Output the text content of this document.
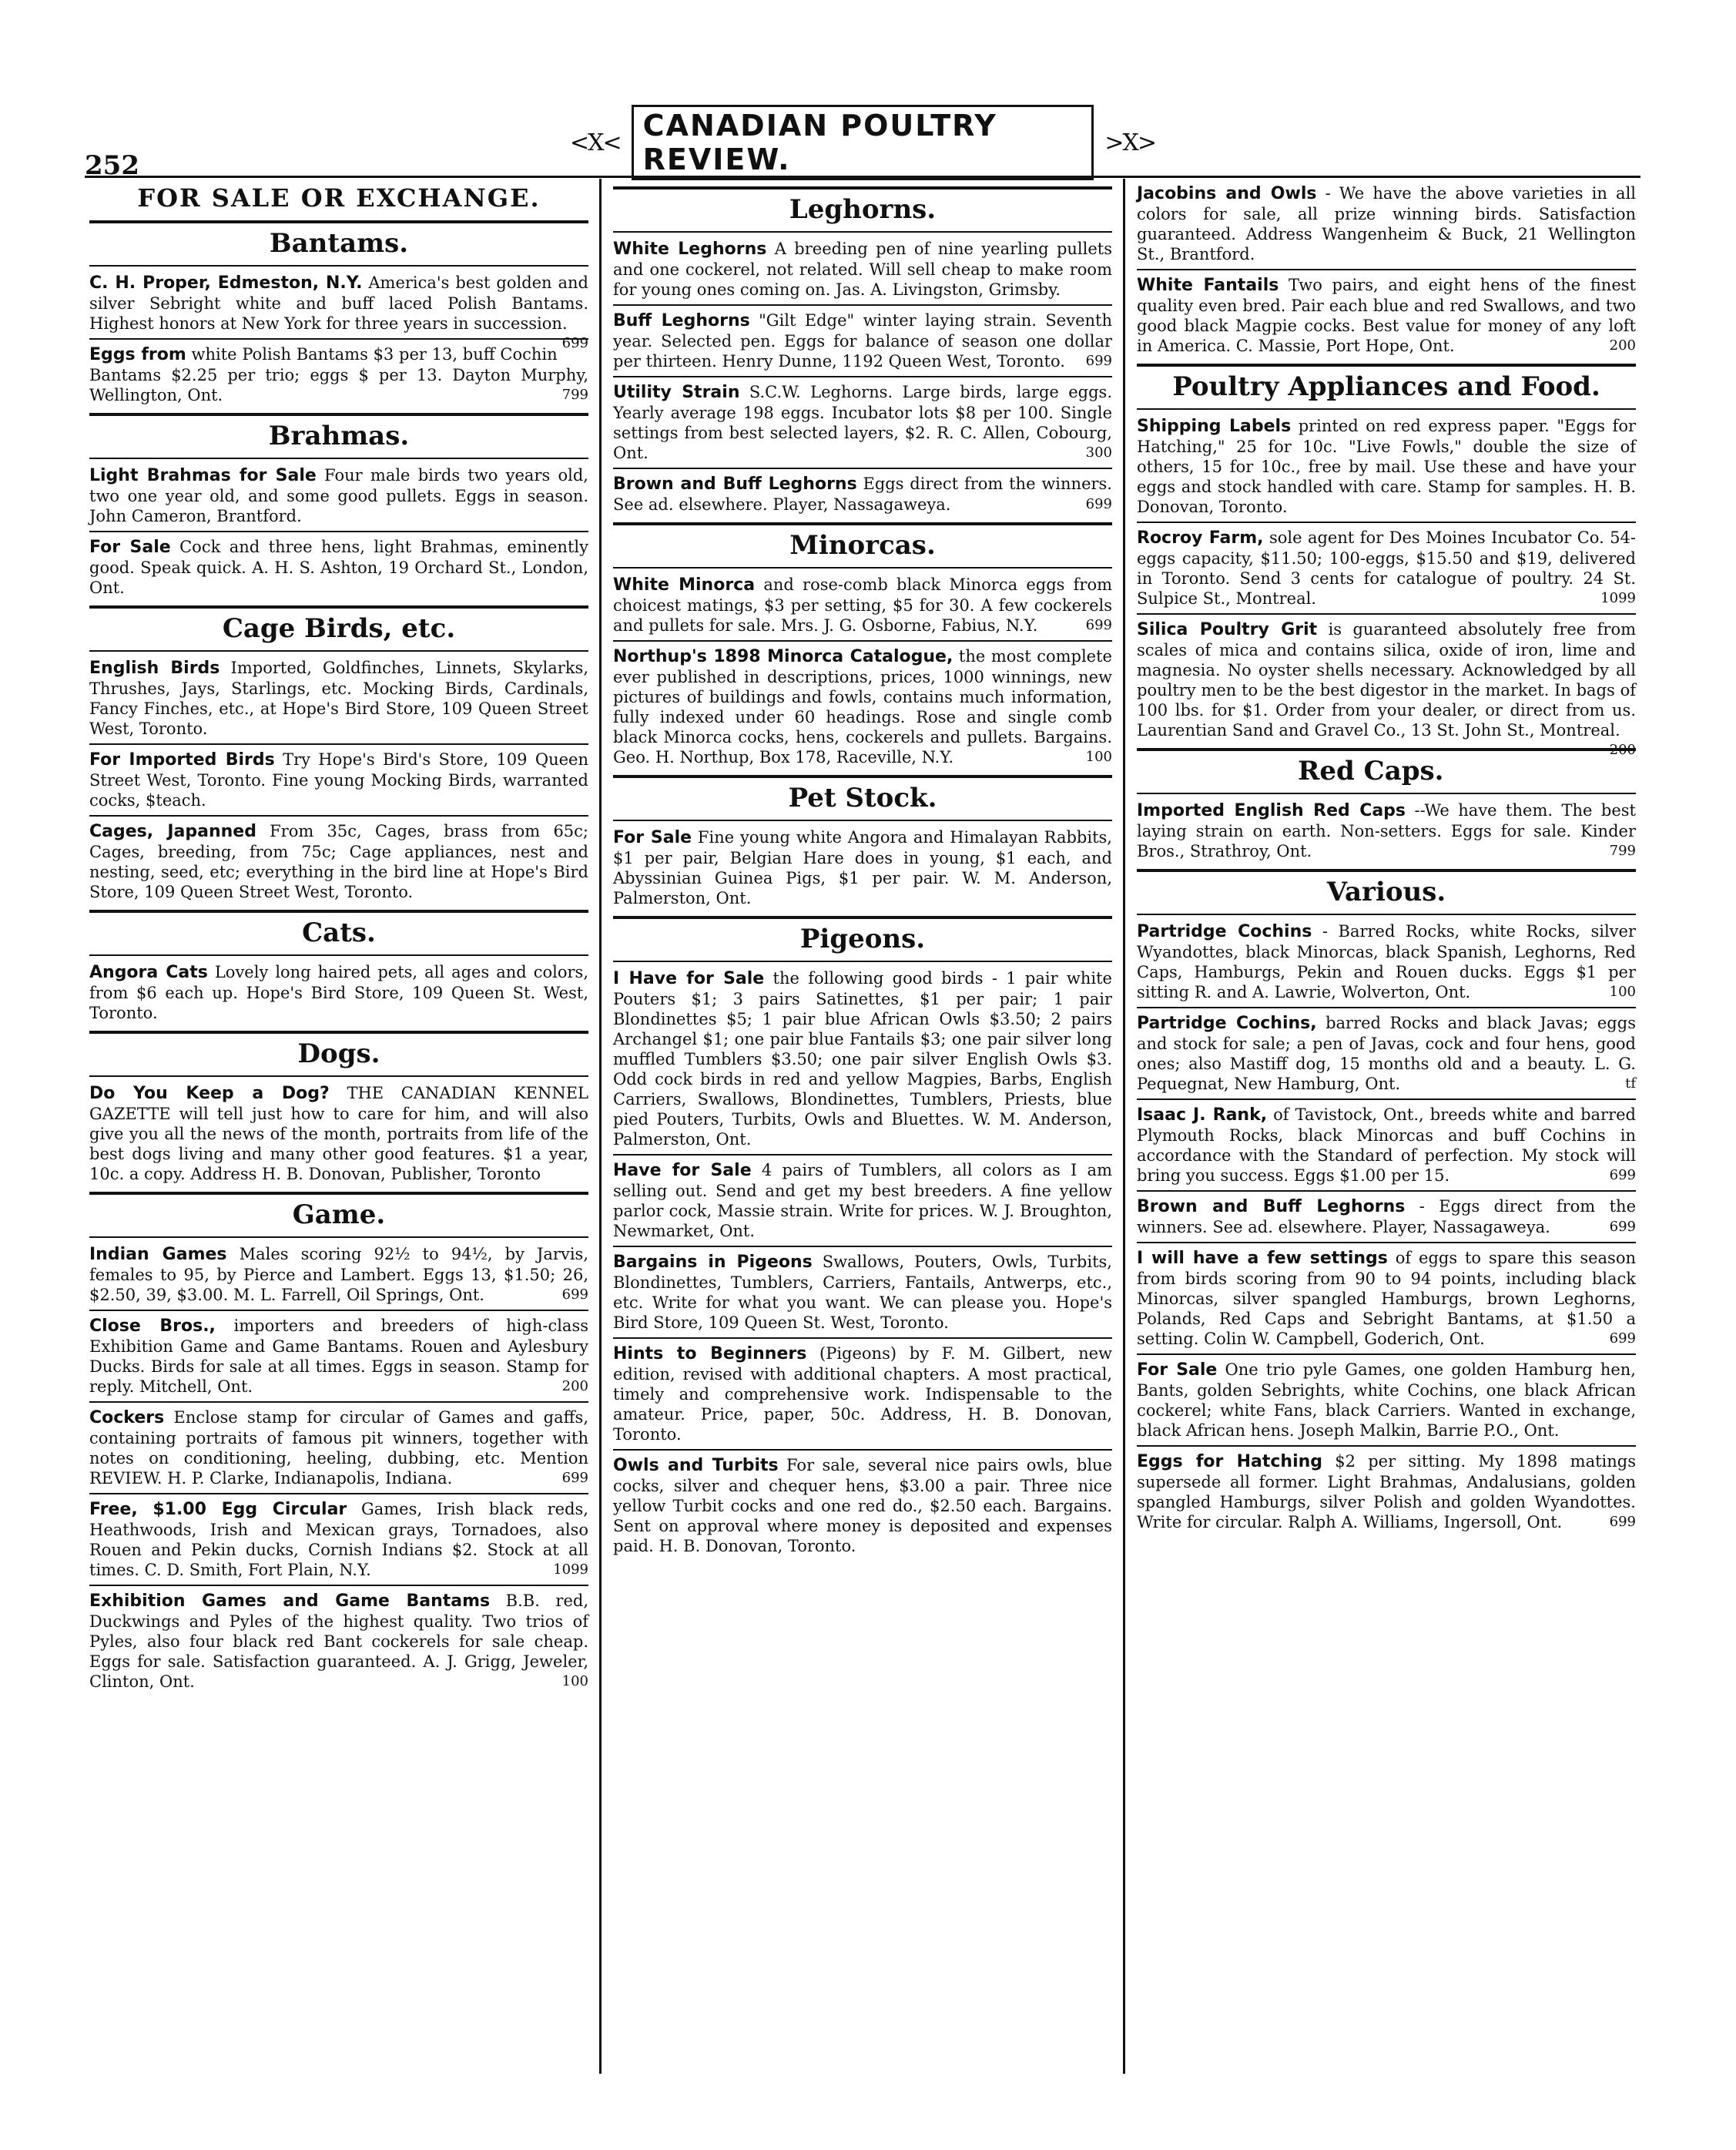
252
<X< CANADIAN POULTRY REVIEW.	>X>
FOR SALE OR EXCHANGE.
Bantams.
C. H. Proper, Edmeston, N.Y. America's best golden and silver Sebright white and buff laced Polish Bantams. Highest honors at New York for three years in succession.
699
Eggs from white Polish Bantams $3 per 13, buff Cochin Bantams $2.25 per trio; eggs $ per 13. Dayton Murphy, Wellington, Ont.	799
Brahmas.
Light Brahmas for Sale Four male birds two years old, two one year old, and some good pullets. Eggs in season. John Cameron, Brantford.
For Sale Cock and three hens, light Brahmas, eminently good. Speak quick. A. H. S. Ashton, 19 Orchard St., London, Ont.
Cage Birds, etc.
English Birds Imported, Goldfinches, Linnets, Skylarks, Thrushes, Jays, Starlings, etc. Mocking Birds, Cardinals, Fancy Finches, etc., at Hope's Bird Store, 109 Queen Street West, Toronto.
For Imported Birds Try Hope's Bird's Store, 109 Queen Street West, Toronto. Fine young Mocking Birds, warranted cocks, $teach.
Cages, Japanned From 35c, Cages, brass from 65c; Cages, breeding, from 75c; Cage appliances, nest and nesting, seed, etc; everything in the bird line at Hope's Bird Store, 109 Queen Street West, Toronto.
Cats.
Angora Cats Lovely long haired pets, all ages and colors, from $6 each up. Hope's Bird Store, 109 Queen St. West, Toronto.
Dogs.
Do You Keep a Dog? THE CANADIAN KENNEL GAZETTE will tell just how to care for him, and will also give you all the news of the month, portraits from life of the best dogs living and many other good features. $1 a year, 10c. a copy. Address H. B. Donovan, Publisher, Toronto
Game.
Indian Games Males scoring 92½ to 94½, by Jarvis, females to 95, by Pierce and Lambert. Eggs 13, $1.50; 26, $2.50, 39, $3.00. M. L. Farrell, Oil Springs, Ont.	699
Close Bros., importers and breeders of high-class Exhibition Game and Game Bantams. Rouen and Aylesbury Ducks. Birds for sale at all times. Eggs in season. Stamp for reply. Mitchell, Ont.	200
Cockers Enclose stamp for circular of Games and gaffs, containing portraits of famous pit winners, together with notes on conditioning, heeling, dubbing, etc. Mention REVIEW. H. P. Clarke, Indianapolis, Indiana.	699
Free, $1.00 Egg Circular Games, Irish black reds, Heathwoods, Irish and Mexican grays, Tornadoes, also Rouen and Pekin ducks, Cornish Indians $2. Stock at all times. C. D. Smith, Fort Plain, N.Y.	1099
Exhibition Games and Game Bantams B.B. red, Duckwings and Pyles of the highest quality. Two trios of Pyles, also four black red Bant cockerels for sale cheap. Eggs for sale. Satisfaction guaranteed. A. J. Grigg, Jeweler, Clinton, Ont.	100
Leghorns.
White Leghorns A breeding pen of nine yearling pullets and one cockerel, not related. Will sell cheap to make room for young ones coming on. Jas. A. Livingston, Grimsby.
Buff Leghorns "Gilt Edge" winter laying strain. Seventh year. Selected pen. Eggs for balance of season one dollar per thirteen. Henry Dunne, 1192 Queen West, Toronto. 699
Utility Strain S.C.W. Leghorns. Large birds, large eggs. Yearly average 198 eggs. Incubator lots $8 per 100. Single settings from best selected layers, $2. R. C. Allen, Cobourg, Ont.	300
Brown and Buff Leghorns Eggs direct from the winners. See ad. elsewhere. Player, Nassagaweya.	699
Minorcas.
White Minorca and rose-comb black Minorca eggs from choicest matings, $3 per setting, $5 for 30. A few cockerels and pullets for sale. Mrs. J. G. Osborne, Fabius, N.Y.	699
Northup's 1898 Minorca Catalogue, the most complete ever published in descriptions, prices, 1000 winnings, new pictures of buildings and fowls, contains much information, fully indexed under 60 headings. Rose and single comb black Minorca cocks, hens, cockerels and pullets. Bargains. Geo. H. Northup, Box 178, Raceville, N.Y.	100
Pet Stock.
For Sale Fine young white Angora and Himalayan Rabbits, $1 per pair, Belgian Hare does in young, $1 each, and Abyssinian Guinea Pigs, $1 per pair. W. M. Anderson, Palmerston, Ont.
Pigeons.
I Have for Sale the following good birds - 1 pair white Pouters $1; 3 pairs Satinettes, $1 per pair; 1 pair Blondinettes $5; 1 pair blue African Owls $3.50; 2 pairs Archangel $1; one pair blue Fantails $3; one pair silver long muffled Tumblers $3.50; one pair silver English Owls $3. Odd cock birds in red and yellow Magpies, Barbs, English Carriers, Swallows, Blondinettes, Tumblers, Priests, blue pied Pouters, Turbits, Owls and Bluettes. W. M. Anderson, Palmerston, Ont.
Have for Sale 4 pairs of Tumblers, all colors as I am selling out. Send and get my best breeders. A fine yellow parlor cock, Massie strain. Write for prices. W. J. Broughton, Newmarket, Ont.
Bargains in Pigeons Swallows, Pouters, Owls, Turbits, Blondinettes, Tumblers, Carriers, Fantails, Antwerps, etc., etc. Write for what you want. We can please you. Hope's Bird Store, 109 Queen St. West, Toronto.
Hints to Beginners (Pigeons) by F. M. Gilbert, new edition, revised with additional chapters. A most practical, timely and comprehensive work. Indispensable to the amateur. Price, paper, 50c. Address, H. B. Donovan, Toronto.
Owls and Turbits For sale, several nice pairs owls, blue cocks, silver and chequer hens, $3.00 a pair. Three nice yellow Turbit cocks and one red do., $2.50 each. Bargains. Sent on approval where money is deposited and expenses paid. H. B. Donovan, Toronto.
Jacobins and Owls - We have the above varieties in all colors for sale, all prize winning birds. Satisfaction guaranteed. Address Wangenheim & Buck, 21 Wellington St., Brantford.
White Fantails Two pairs, and eight hens of the finest quality even bred. Pair each blue and red Swallows, and two good black Magpie cocks. Best value for money of any loft in America. C. Massie, Port Hope, Ont.	200
Poultry Appliances and Food.
Shipping Labels printed on red express paper. "Eggs for Hatching," 25 for 10c. "Live Fowls," double the size of others, 15 for 10c., free by mail. Use these and have your eggs and stock handled with care. Stamp for samples. H. B. Donovan, Toronto.
Rocroy Farm, sole agent for Des Moines Incubator Co. 54-eggs capacity, $11.50; 100-eggs, $15.50 and $19, delivered in Toronto. Send 3 cents for catalogue of poultry. 24 St. Sulpice St., Montreal.	1099
Silica Poultry Grit is guaranteed absolutely free from scales of mica and contains silica, oxide of iron, lime and magnesia. No oyster shells necessary. Acknowledged by all poultry men to be the best digestor in the market. In bags of 100 lbs. for $1. Order from your dealer, or direct from us. Laurentian Sand and Gravel Co., 13 St. John St., Montreal.
200
Red Caps.
Imported English Red Caps --We have them. The best laying strain on earth. Non-setters. Eggs for sale. Kinder Bros., Strathroy, Ont.	799
Various.
Partridge Cochins - Barred Rocks, white Rocks, silver Wyandottes, black Minorcas, black Spanish, Leghorns, Red Caps, Hamburgs, Pekin and Rouen ducks. Eggs $1 per sitting R. and A. Lawrie, Wolverton, Ont.	100
Partridge Cochins, barred Rocks and black Javas; eggs and stock for sale; a pen of Javas, cock and four hens, good ones; also Mastiff dog, 15 months old and a beauty. L. G. Pequegnat, New Hamburg, Ont.	tf
Isaac J. Rank, of Tavistock, Ont., breeds white and barred Plymouth Rocks, black Minorcas and buff Cochins in accordance with the Standard of perfection. My stock will bring you success. Eggs $1.00 per 15.	699
Brown and Buff Leghorns - Eggs direct from the winners. See ad. elsewhere. Player, Nassagaweya.	699
I will have a few settings of eggs to spare this season from birds scoring from 90 to 94 points, including black Minorcas, silver spangled Hamburgs, brown Leghorns, Polands, Red Caps and Sebright Bantams, at $1.50 a setting. Colin W. Campbell, Goderich, Ont.	699
For Sale One trio pyle Games, one golden Hamburg hen, Bants, golden Sebrights, white Cochins, one black African cockerel; white Fans, black Carriers. Wanted in exchange, black African hens. Joseph Malkin, Barrie P.O., Ont.
Eggs for Hatching $2 per sitting. My 1898 matings supersede all former. Light Brahmas, Andalusians, golden spangled Hamburgs, silver Polish and golden Wyandottes. Write for circular. Ralph A. Williams, Ingersoll, Ont.	699
